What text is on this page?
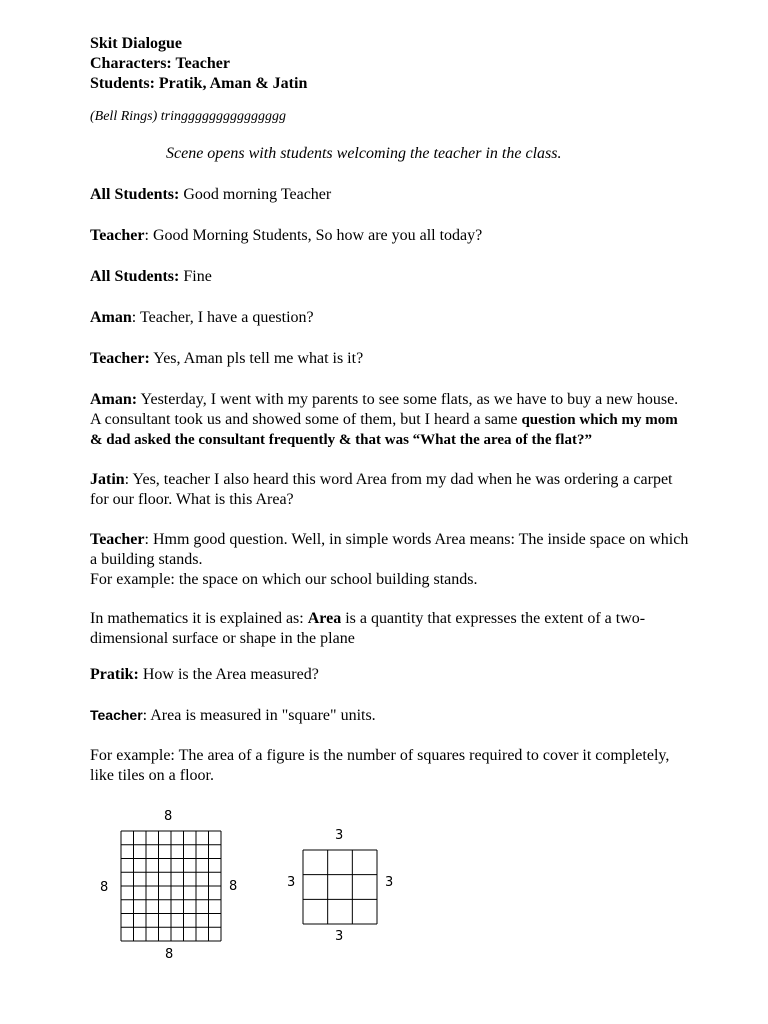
Skit Dialogue

Characters: Teacher

Students: Pratik, Aman & Jatin

(Bell Rings) tringgggggggggggggg

Scene opens with students welcoming the teacher in the class.

All Students: Good morning Teacher

Teacher: Good Morning Students, So how are you all today?

All Students: Fine

Aman: Teacher, I have a question?

Teacher: Yes, Aman pls tell me what is it?

Aman: Yesterday, I went with my parents to see some flats, as we have to buy a new house. A consultant took us and showed some of them, but I heard a same question which my mom & dad asked the consultant frequently & that was “What the area of the flat?”

Jatin: Yes, teacher I also heard this word Area from my dad when he was ordering a carpet for our floor. What is this Area?

Teacher: Hmm good question. Well, in simple words Area means: The inside space on which a building stands.
For example: the space on which our school building stands.

In mathematics it is explained as: Area is a quantity that expresses the extent of a two-dimensional surface or shape in the plane

Pratik: How is the Area measured?

Teacher: Area is measured in "square" units.

For example: The area of a figure is the number of squares required to cover it completely, like tiles on a floor.

8
8	8
8
3
3	3
3
